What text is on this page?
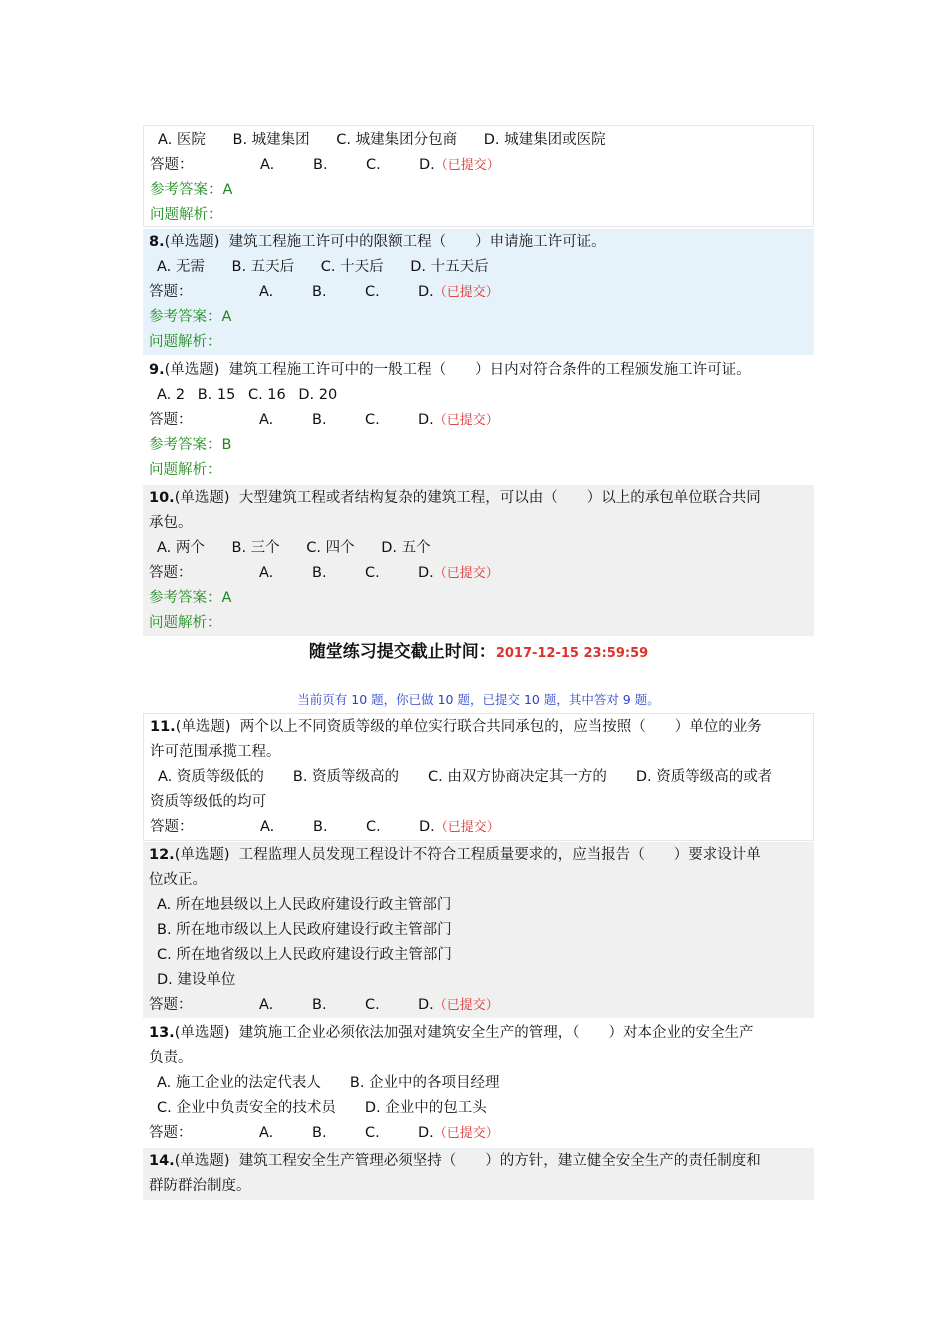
A. 医院 B. 城建集团 C. 城建集团分包商 D. 城建集团或医院
答题：	A.	B.	C.	D.（已提交）
参考答案：A
问题解析：
8.(单选题) 建筑工程施工许可中的限额工程（　　）申请施工许可证。
A. 无需 B. 五天后 C. 十天后 D. 十五天后
答题：	A.	B.	C.	D.（已提交）
参考答案：A
问题解析：
9.(单选题) 建筑工程施工许可中的一般工程（　　）日内对符合条件的工程颁发施工许可证。
A. 2 B. 15 C. 16 D. 20
答题：	A.	B.	C.	D.（已提交）
参考答案：B
问题解析：
10.(单选题) 大型建筑工程或者结构复杂的建筑工程，可以由（　　）以上的承包单位联合共同
承包。
A. 两个 B. 三个 C. 四个 D. 五个
答题：	A.	B.	C.	D.（已提交）
参考答案：A
问题解析：
随堂练习提交截止时间：2017-12-15 23:59:59
当前页有 10 题，你已做 10 题，已提交 10 题，其中答对 9 题。
11.(单选题) 两个以上不同资质等级的单位实行联合共同承包的，应当按照（　　）单位的业务
许可范围承揽工程。
A. 资质等级低的　　B. 资质等级高的　　C. 由双方协商决定其一方的　　D. 资质等级高的或者
资质等级低的均可
答题：	A.	B.	C.	D.（已提交）
12.(单选题) 工程监理人员发现工程设计不符合工程质量要求的，应当报告（　　）要求设计单
位改正。
A. 所在地县级以上人民政府建设行政主管部门
B. 所在地市级以上人民政府建设行政主管部门
C. 所在地省级以上人民政府建设行政主管部门
D. 建设单位
答题：	A.	B.	C.	D.（已提交）
13.(单选题) 建筑施工企业必须依法加强对建筑安全生产的管理，（　　）对本企业的安全生产
负责。
A. 施工企业的法定代表人　　B. 企业中的各项目经理
C. 企业中负责安全的技术员　　D. 企业中的包工头
答题：	A.	B.	C.	D.（已提交）
14.(单选题) 建筑工程安全生产管理必须坚持（　　）的方针，建立健全安全生产的责任制度和
群防群治制度。
